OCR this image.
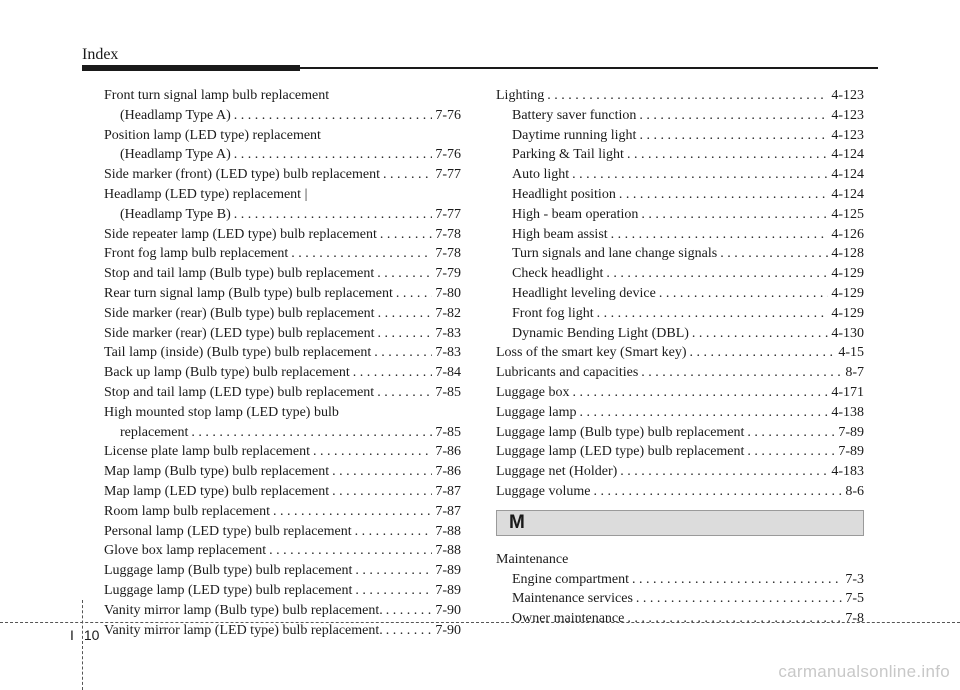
Index
Front turn signal lamp bulb replacement
(Headlamp Type A) . . .	7-76
Position lamp (LED type) replacement
(Headlamp Type A) . . .	7-76
Side marker (front) (LED type) bulb replacement . . .	7-77
Headlamp (LED type) replacement |
(Headlamp Type B) . . .	7-77
Side repeater lamp (LED type) bulb replacement . . .	7-78
Front fog lamp bulb replacement . . .	7-78
Stop and tail lamp (Bulb type) bulb replacement . . .	7-79
Rear turn signal lamp (Bulb type) bulb replacement . . .	7-80
Side marker (rear) (Bulb type) bulb replacement . . .	7-82
Side marker (rear) (LED type) bulb replacement . . .	7-83
Tail lamp (inside) (Bulb type) bulb replacement . . .	7-83
Back up lamp (Bulb type) bulb replacement . . .	7-84
Stop and tail lamp (LED type) bulb replacement . . .	7-85
High mounted stop lamp (LED type) bulb
replacement . . .	7-85
License plate lamp bulb replacement . . .	7-86
Map lamp (Bulb type) bulb replacement . . .	7-86
Map lamp (LED type) bulb replacement . . .	7-87
Room lamp bulb replacement . . .	7-87
Personal lamp (LED type) bulb replacement . . .	7-88
Glove box lamp replacement . . .	7-88
Luggage lamp (Bulb type) bulb replacement . . .	7-89
Luggage lamp (LED type) bulb replacement . . .	7-89
Vanity mirror lamp (Bulb type) bulb replacement. . . .	7-90
Vanity mirror lamp (LED type) bulb replacement. . . .	7-90
Lighting . . .	4-123
Battery saver function . . .	4-123
Daytime running light . . .	4-123
Parking & Tail light . . .	4-124
Auto light . . .	4-124
Headlight position . . .	4-124
High - beam operation . . .	4-125
High beam assist . . .	4-126
Turn signals and lane change signals . . .	4-128
Check headlight . . .	4-129
Headlight leveling device . . .	4-129
Front fog light . . .	4-129
Dynamic Bending Light (DBL) . . .	4-130
Loss of the smart key (Smart key) . . .	4-15
Lubricants and capacities . . .	8-7
Luggage box . . .	4-171
Luggage lamp . . .	4-138
Luggage lamp (Bulb type) bulb replacement . . .	7-89
Luggage lamp (LED type) bulb replacement . . .	7-89
Luggage net (Holder) . . .	4-183
Luggage volume . . .	8-6
M
Maintenance
Engine compartment . . .	7-3
Maintenance services . . .	7-5
Owner maintenance . . .	7-8
I 10
carmanualsonline.info
